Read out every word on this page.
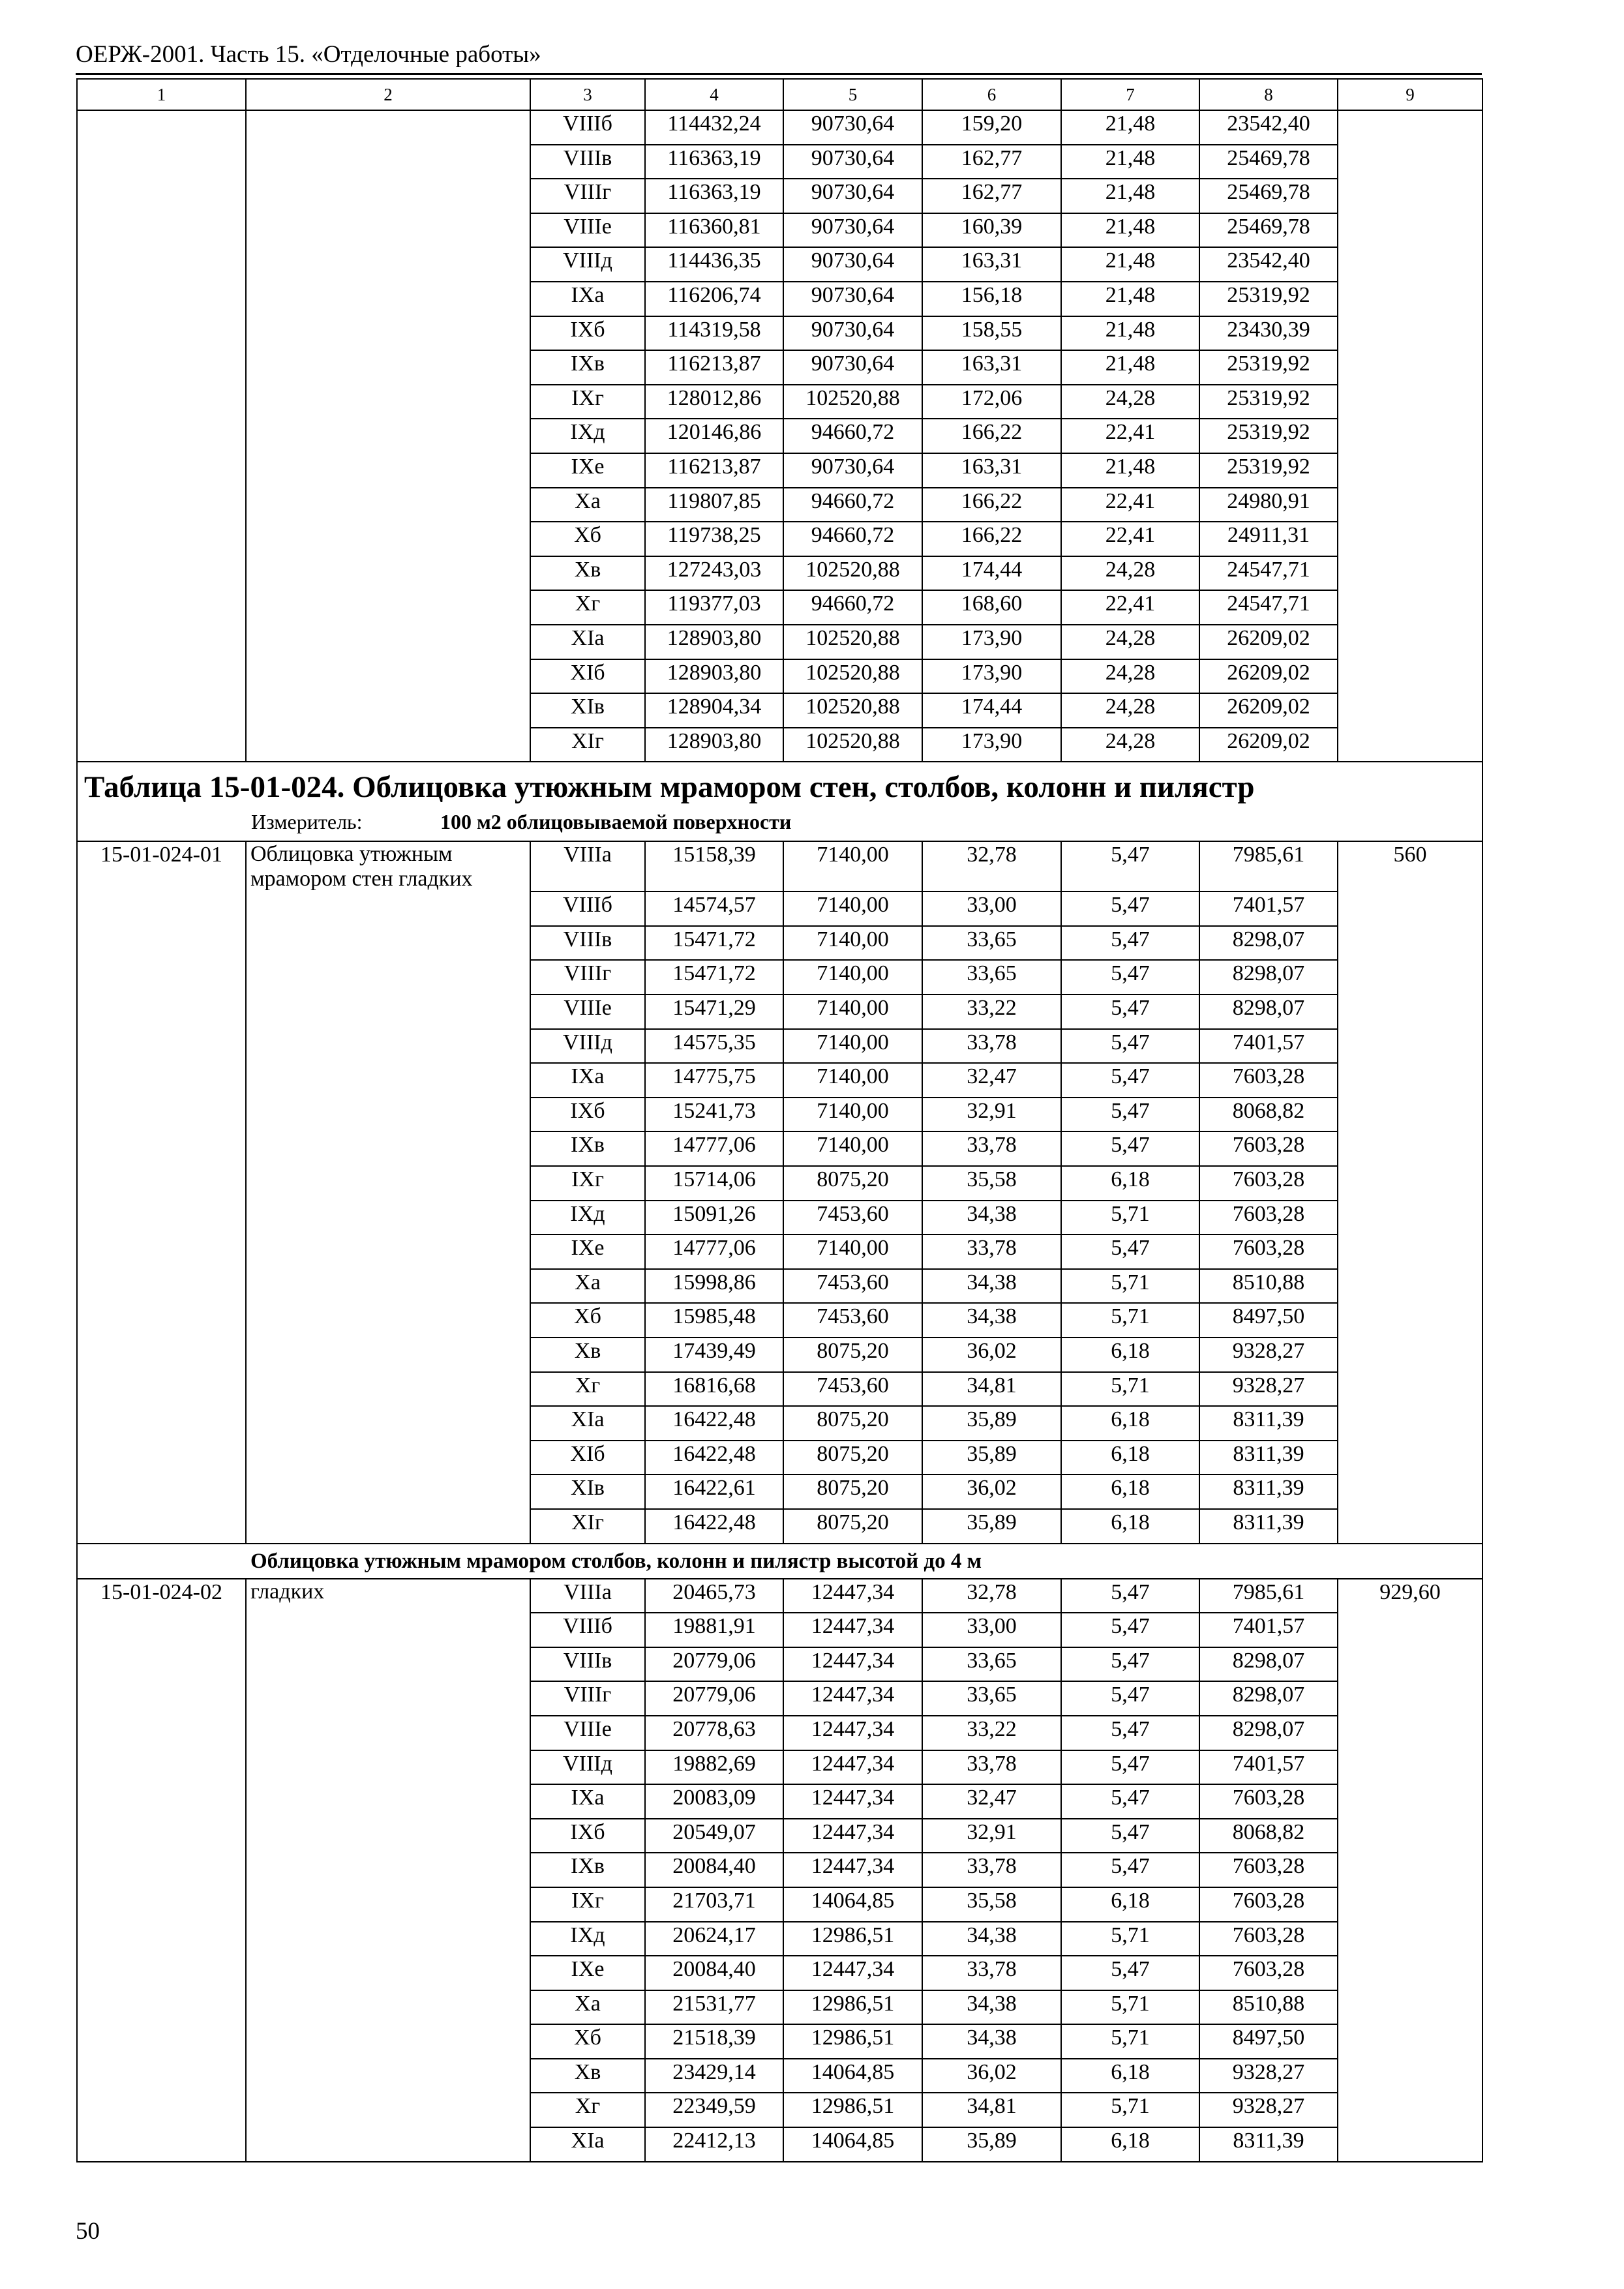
ОЕРЖ-2001. Часть 15. «Отделочные работы»
1	2	3	4	5	6	7	8	9
		VIIIб	114432,24	90730,64	159,20	21,48	23542,40	
		VIIIв	116363,19	90730,64	162,77	21,48	25469,78	
		VIIIг	116363,19	90730,64	162,77	21,48	25469,78	
		VIIIе	116360,81	90730,64	160,39	21,48	25469,78	
		VIIIд	114436,35	90730,64	163,31	21,48	23542,40	
		IXа	116206,74	90730,64	156,18	21,48	25319,92	
		IXб	114319,58	90730,64	158,55	21,48	23430,39	
		IXв	116213,87	90730,64	163,31	21,48	25319,92	
		IXг	128012,86	102520,88	172,06	24,28	25319,92	
		IXд	120146,86	94660,72	166,22	22,41	25319,92	
		IXе	116213,87	90730,64	163,31	21,48	25319,92	
		Xа	119807,85	94660,72	166,22	22,41	24980,91	
		Xб	119738,25	94660,72	166,22	22,41	24911,31	
		Xв	127243,03	102520,88	174,44	24,28	24547,71	
		Xг	119377,03	94660,72	168,60	22,41	24547,71	
		XIа	128903,80	102520,88	173,90	24,28	26209,02	
		XIб	128903,80	102520,88	173,90	24,28	26209,02	
		XIв	128904,34	102520,88	174,44	24,28	26209,02	
		XIг	128903,80	102520,88	173,90	24,28	26209,02	

Таблица 15-01-024. Облицовка утюжным мрамором стен, столбов, колонн и пилястр
Измеритель: 100 м2 облицовываемой поверхности								

15-01-024-01	Облицовка утюжным мрамором стен гладких	VIIIа	15158,39	7140,00	32,78	5,47	7985,61	560
		VIIIб	14574,57	7140,00	33,00	5,47	7401,57	
		VIIIв	15471,72	7140,00	33,65	5,47	8298,07	
		VIIIг	15471,72	7140,00	33,65	5,47	8298,07	
		VIIIе	15471,29	7140,00	33,22	5,47	8298,07	
		VIIIд	14575,35	7140,00	33,78	5,47	7401,57	
		IXа	14775,75	7140,00	32,47	5,47	7603,28	
		IXб	15241,73	7140,00	32,91	5,47	8068,82	
		IXв	14777,06	7140,00	33,78	5,47	7603,28	
		IXг	15714,06	8075,20	35,58	6,18	7603,28	
		IXд	15091,26	7453,60	34,38	5,71	7603,28	
		IXе	14777,06	7140,00	33,78	5,47	7603,28	
		Xа	15998,86	7453,60	34,38	5,71	8510,88	
		Xб	15985,48	7453,60	34,38	5,71	8497,50	
		Xв	17439,49	8075,20	36,02	6,18	9328,27	
		Xг	16816,68	7453,60	34,81	5,71	9328,27	
		XIа	16422,48	8075,20	35,89	6,18	8311,39	
		XIб	16422,48	8075,20	35,89	6,18	8311,39	
		XIв	16422,61	8075,20	36,02	6,18	8311,39	
		XIг	16422,48	8075,20	35,89	6,18	8311,39	
Облицовка утюжным мрамором столбов, колонн и пилястр высотой до 4 м								
15-01-024-02	гладких	VIIIа	20465,73	12447,34	32,78	5,47	7985,61	929,60
		VIIIб	19881,91	12447,34	33,00	5,47	7401,57	
		VIIIв	20779,06	12447,34	33,65	5,47	8298,07	
		VIIIг	20779,06	12447,34	33,65	5,47	8298,07	
		VIIIе	20778,63	12447,34	33,22	5,47	8298,07	
		VIIIд	19882,69	12447,34	33,78	5,47	7401,57	
		IXа	20083,09	12447,34	32,47	5,47	7603,28	
		IXб	20549,07	12447,34	32,91	5,47	8068,82	
		IXв	20084,40	12447,34	33,78	5,47	7603,28	
		IXг	21703,71	14064,85	35,58	6,18	7603,28	
		IXд	20624,17	12986,51	34,38	5,71	7603,28	
		IXе	20084,40	12447,34	33,78	5,47	7603,28	
		Xа	21531,77	12986,51	34,38	5,71	8510,88	
		Xб	21518,39	12986,51	34,38	5,71	8497,50	
		Xв	23429,14	14064,85	36,02	6,18	9328,27	
		Xг	22349,59	12986,51	34,81	5,71	9328,27	
		XIа	22412,13	14064,85	35,89	6,18	8311,39	
50
